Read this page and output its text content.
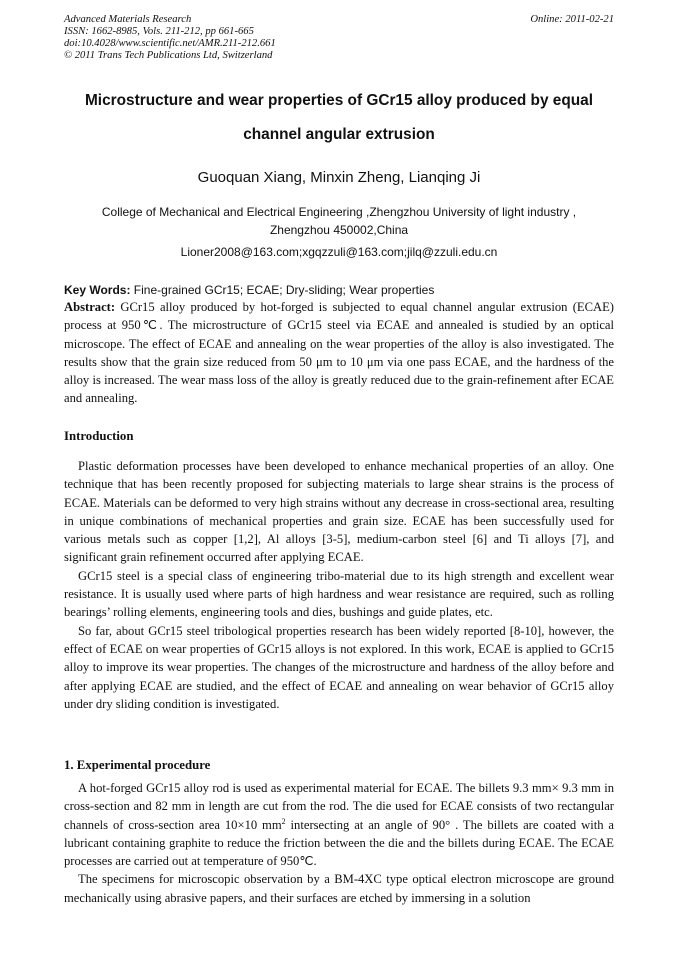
Advanced Materials Research
ISSN: 1662-8985, Vols. 211-212, pp 661-665
doi:10.4028/www.scientific.net/AMR.211-212.661
© 2011 Trans Tech Publications Ltd, Switzerland
Online: 2011-02-21
Microstructure and wear properties of GCr15 alloy produced by equal
channel angular extrusion
Guoquan Xiang, Minxin Zheng, Lianqing Ji
College of Mechanical and Electrical Engineering ,Zhengzhou University of light industry ,
Zhengzhou 450002,China
Lioner2008@163.com;xgqzzuli@163.com;jilq@zzuli.edu.cn
Key Words: Fine-grained GCr15; ECAE; Dry-sliding; Wear properties
Abstract: GCr15 alloy produced by hot-forged is subjected to equal channel angular extrusion (ECAE) process at 950℃. The microstructure of GCr15 steel via ECAE and annealed is studied by an optical microscope. The effect of ECAE and annealing on the wear properties of the alloy is also investigated. The results show that the grain size reduced from 50 μm to 10 μm via one pass ECAE, and the hardness of the alloy is increased. The wear mass loss of the alloy is greatly reduced due to the grain-refinement after ECAE and annealing.
Introduction

Plastic deformation processes have been developed to enhance mechanical properties of an alloy. One technique that has been recently proposed for subjecting materials to large shear strains is the process of ECAE. Materials can be deformed to very high strains without any decrease in cross-sectional area, resulting in unique combinations of mechanical properties and grain size. ECAE has been successfully used for various metals such as copper [1,2], Al alloys [3-5], medium-carbon steel [6] and Ti alloys [7], and significant grain refinement occurred after applying ECAE.

GCr15 steel is a special class of engineering tribo-material due to its high strength and excellent wear resistance. It is usually used where parts of high hardness and wear resistance are required, such as rolling bearings’ rolling elements, engineering tools and dies, bushings and guide plates, etc.

So far, about GCr15 steel tribological properties research has been widely reported [8-10], however, the effect of ECAE on wear properties of GCr15 alloys is not explored. In this work, ECAE is applied to GCr15 alloy to improve its wear properties. The changes of the microstructure and hardness of the alloy before and after applying ECAE are studied, and the effect of ECAE and annealing on wear behavior of GCr15 alloy under dry sliding condition is investigated.

1. Experimental procedure

A hot-forged GCr15 alloy rod is used as experimental material for ECAE. The billets 9.3 mm× 9.3 mm in cross-section and 82 mm in length are cut from the rod. The die used for ECAE consists of two rectangular channels of cross-section area 10×10 $mm^2$ intersecting at an angle of 90° . The billets are coated with a lubricant containing graphite to reduce the friction between the die and the billets during ECAE. The ECAE processes are carried out at temperature of 950℃.

The specimens for microscopic observation by a BM-4XC type optical electron microscope are ground mechanically using abrasive papers, and their surfaces are etched by immersing in a solution
